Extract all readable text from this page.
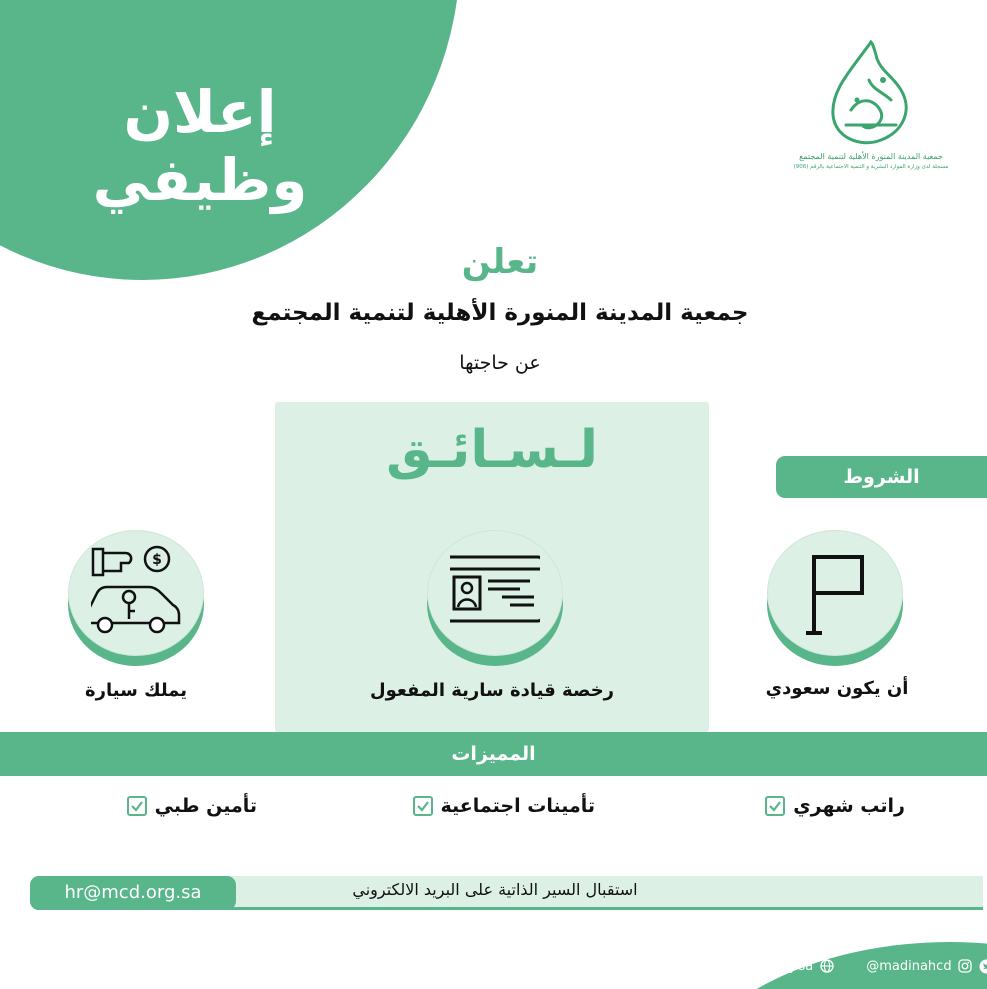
إعلان وظيفي	جمعية المدينة المنورة الأهلية لتنمية المجتمع
مسجلة لدى وزارة الموارد البشرية و التنمية الاجتماعية بالرقم (906)
تعلن
جمعية المدينة المنورة الأهلية لتنمية المجتمع
عن حاجتها
لـسـائـق	الشروط
أن يكون سعودي
رخصة قيادة سارية المفعول
$
يملك سيارة
المميزات
راتب شهري
تأمينات اجتماعية
تأمين طبي
hr@mcd.org.sa	استقبال السير الذاتية على البريد الالكتروني
www.mcd.org.sa	@madinahcd
